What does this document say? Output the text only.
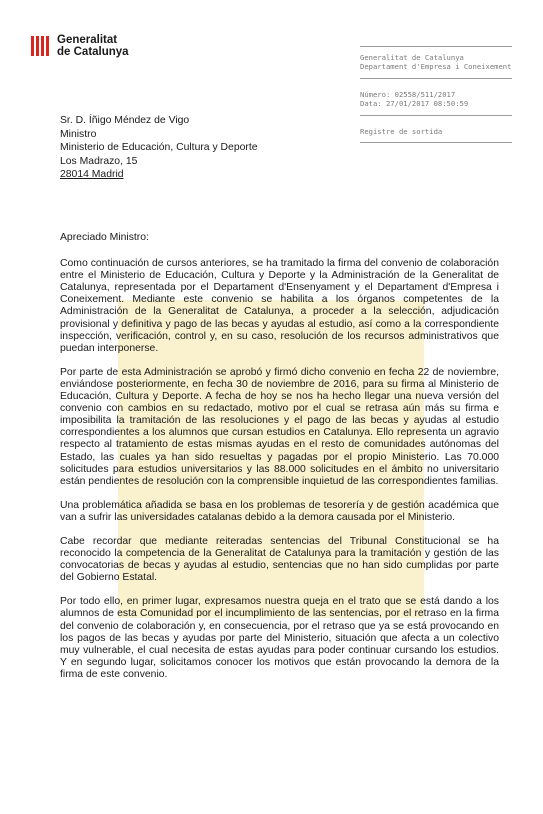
Generalitat
de Catalunya	Generalitat de Catalunya
Departament d'Empresa i Coneixement
Número: 02558/511/2017
Data: 27/01/2017 08:50:59
Registre de sortida
Sr. D. Íñigo Méndez de Vigo
Ministro
Ministerio de Educación, Cultura y Deporte
Los Madrazo, 15
28014 Madrid

Apreciado Ministro:

Como continuación de cursos anteriores, se ha tramitado la firma del convenio de colaboración entre el Ministerio de Educación, Cultura y Deporte y la Administración de la Generalitat de Catalunya, representada por el Departament d'Ensenyament y el Departament d'Empresa i Coneixement. Mediante este convenio se habilita a los órganos competentes de la Administración de la Generalitat de Catalunya, a proceder a la selección, adjudicación provisional y definitiva y pago de las becas y ayudas al estudio, así como a la correspondiente inspección, verificación, control y, en su caso, resolución de los recursos administrativos que puedan interponerse.

Por parte de esta Administración se aprobó y firmó dicho convenio en fecha 22 de noviembre, enviándose posteriormente, en fecha 30 de noviembre de 2016, para su firma al Ministerio de Educación, Cultura y Deporte. A fecha de hoy se nos ha hecho llegar una nueva versión del convenio con cambios en su redactado, motivo por el cual se retrasa aún más su firma e imposibilita la tramitación de las resoluciones y el pago de las becas y ayudas al estudio correspondientes a los alumnos que cursan estudios en Catalunya. Ello representa un agravio respecto al tratamiento de estas mismas ayudas en el resto de comunidades autónomas del Estado, las cuales ya han sido resueltas y pagadas por el propio Ministerio. Las 70.000 solicitudes para estudios universitarios y las 88.000 solicitudes en el ámbito no universitario están pendientes de resolución con la comprensible inquietud de las correspondientes familias.

Una problemática añadida se basa en los problemas de tesorería y de gestión académica que van a sufrir las universidades catalanas debido a la demora causada por el Ministerio.

Cabe recordar que mediante reiteradas sentencias del Tribunal Constitucional se ha reconocido la competencia de la Generalitat de Catalunya para la tramitación y gestión de las convocatorias de becas y ayudas al estudio, sentencias que no han sido cumplidas por parte del Gobierno Estatal.

Por todo ello, en primer lugar, expresamos nuestra queja en el trato que se está dando a los alumnos de esta Comunidad por el incumplimiento de las sentencias, por el retraso en la firma del convenio de colaboración y, en consecuencia, por el retraso que ya se está provocando en los pagos de las becas y ayudas por parte del Ministerio, situación que afecta a un colectivo muy vulnerable, el cual necesita de estas ayudas para poder continuar cursando los estudios. Y en segundo lugar, solicitamos conocer los motivos que están provocando la demora de la firma de este convenio.
